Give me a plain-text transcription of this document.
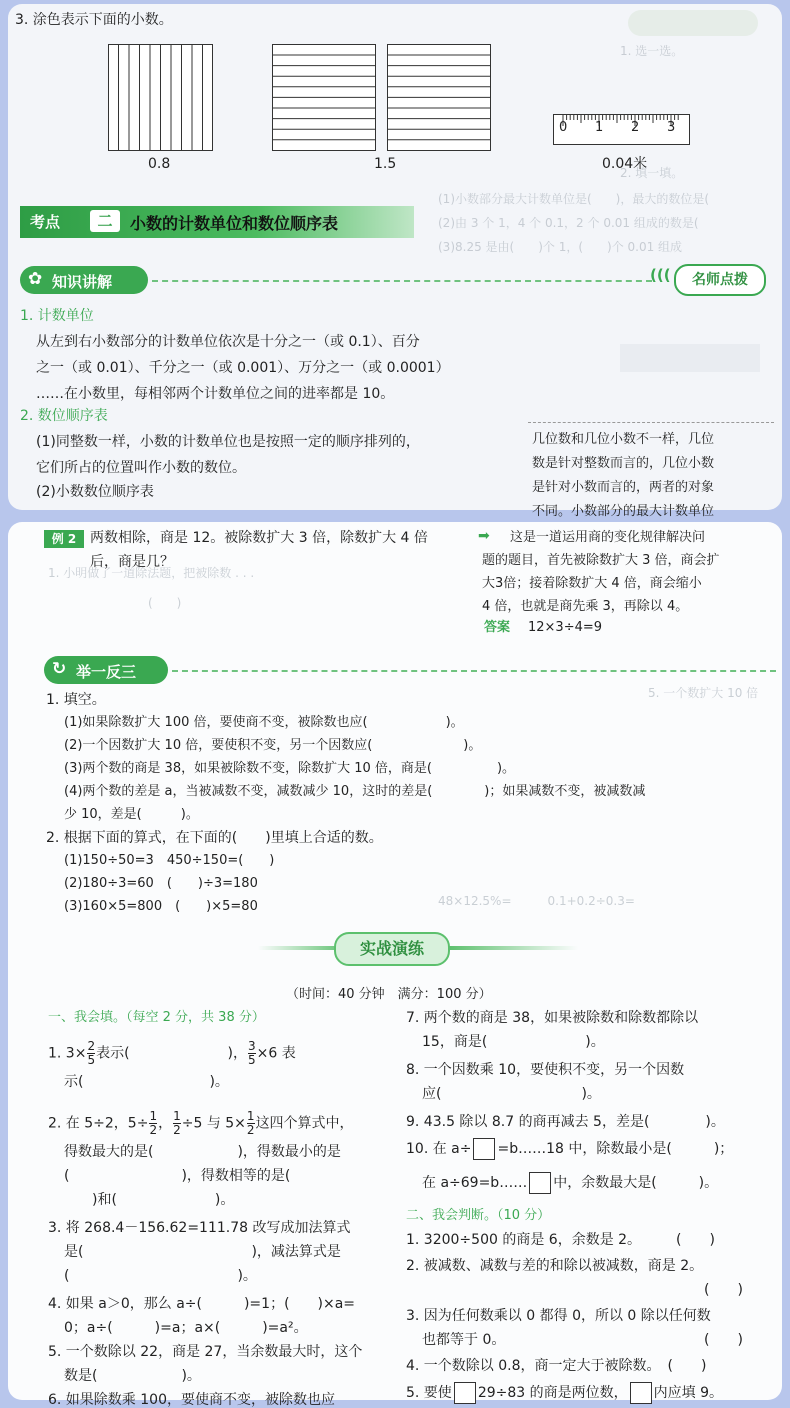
1. 选一选。
2. 填一填。
(1)小数部分最大计数单位是(　　)，最大的数位是(
(2)由 3 个 1，4 个 0.1，2 个 0.01 组成的数是(
(3)8.25 是由(　　)个 1，(　　)个 0.01 组成
3. 涂色表示下面的小数。
0.8	1.5
0 1 2 3
0.04米
考点	二	小数的计数单位和数位顺序表
✿ 知识讲解	(((	名师点拨
1. 计数单位
从左到右小数部分的计数单位依次是十分之一（或 0.1）、百分
之一（或 0.01）、千分之一（或 0.001）、万分之一（或 0.0001）
……在小数里，每相邻两个计数单位之间的进率都是 10。
2. 数位顺序表
(1)同整数一样，小数的计数单位也是按照一定的顺序排列的，
它们所占的位置叫作小数的数位。
(2)小数数位顺序表
几位数和几位小数不一样，几位
数是针对整数而言的，几位小数
是针对小数而言的，两者的对象
不同。小数部分的最大计数单位
1. 小明做了一道除法题，把被除数 . . .
(　　)
5. 一个数扩大 10 倍
48×12.5%=　　　0.1+0.2÷0.3=
例 2 两数相除，商是 12。被除数扩大 3 倍，除数扩大 4 倍
后，商是几？
➡ 这是一道运用商的变化规律解决问
题的题目，首先被除数扩大 3 倍，商会扩
大3倍；接着除数扩大 4 倍，商会缩小
4 倍，也就是商先乘 3，再除以 4。
答案 12×3÷4=9
↻ 举一反三
1. 填空。
(1)如果除数扩大 100 倍，要使商不变，被除数也应(　　　　　　)。
(2)一个因数扩大 10 倍，要使积不变，另一个因数应(　　　　　　　)。
(3)两个数的商是 38，如果被除数不变，除数扩大 10 倍，商是(　　　　　)。
(4)两个数的差是 a，当被减数不变，减数减少 10，这时的差是(　　　　)；如果减数不变，被减数减
少 10，差是(　　　)。
2. 根据下面的算式，在下面的(　　)里填上合适的数。
(1)150÷50=3　450÷150=(　　)
(2)180÷3=60　(　　)÷3=180
(3)160×5=800　(　　)×5=80
实战演练
（时间：40 分钟　满分：100 分）
一、我会填。（每空 2 分，共 38 分）
1. $3\times \frac{2}{5}$ 表示(　　　　　　　)， $\frac{3}{5} \times 6$ 表
示(　　　　　　　　　)。
2. 在 5÷2，$5\div \frac{1}{2}$ ， $\frac{1}{2} \div 5$ 与 $5\times \frac{1}{2}$ 这四个算式中，
得数最大的是(　　　　　　)，得数最小的是
(　　　　　　　　)，得数相等的是(
　　)和(　　　　　　　)。
3. 将 268.4－156.62=111.78 改写成加法算式
是(　　　　　　　　　　　　)，减法算式是
(　　　　　　　　　　　　)。
4. 如果 a＞0，那么 a÷(　　　)=1；(　　)×a=
0；a÷(　　　)=a；a×(　　　)=a²。
5. 一个数除以 22，商是 27，当余数最大时，这个
数是(　　　　　　)。
6. 如果除数乘 100，要使商不变，被除数也应
7. 两个数的商是 38，如果被除数和除数都除以
15，商是(　　　　　　　)。
8. 一个因数乘 10，要使积不变，另一个因数
应(　　　　　　　　　　)。
9. 43.5 除以 8.7 的商再减去 5，差是(　　　　)。
10. 在 a÷ =b……18 中，除数最小是(　　　)；
在 a÷69=b…… 中，余数最大是(　　　)。
二、我会判断。（10 分）
1. 3200÷500 的商是 6，余数是 2。　　　(　　)
2. 被减数、减数与差的和除以被减数，商是 2。
(　　)
3. 因为任何数乘以 0 都得 0，所以 0 除以任何数
也都等于 0。	(　　)
4. 一个数除以 0.8，商一定大于被除数。　(　　)
5. 要使 29÷83 的商是两位数， 内应填 9。
